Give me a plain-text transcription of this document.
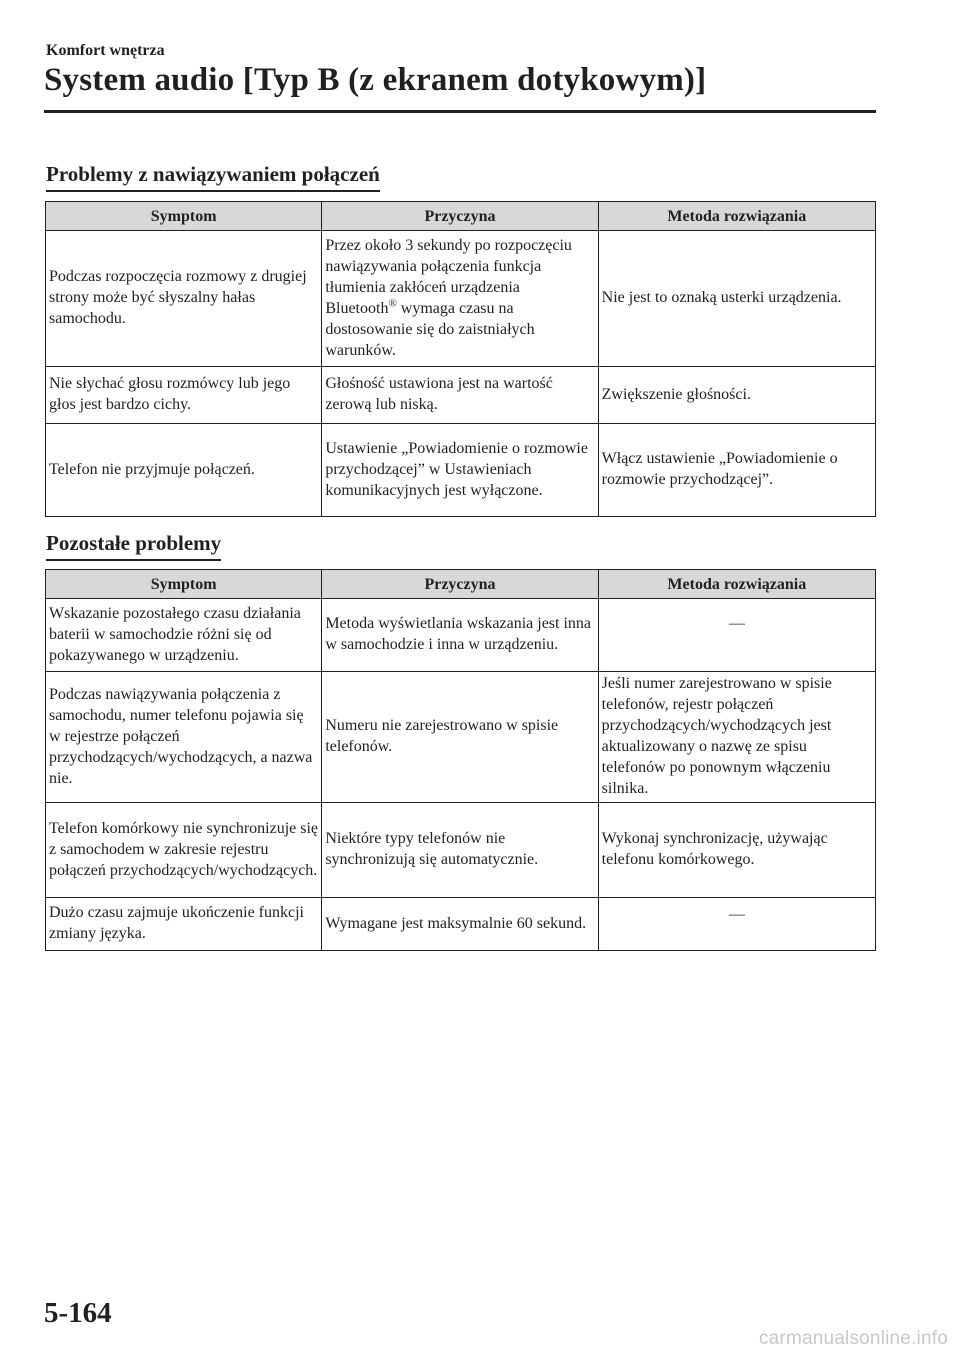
Komfort wnętrza
System audio [Typ B (z ekranem dotykowym)]
Problemy z nawiązywaniem połączeń
Symptom	Przyczyna	Metoda rozwiązania
Podczas rozpoczęcia rozmowy z drugiej strony może być słyszalny hałas samochodu.	Przez około 3 sekundy po rozpoczęciu nawiązywania połączenia funkcja tłumienia zakłóceń urządzenia Bluetooth® wymaga czasu na dostosowanie się do zaistniałych warunków.	Nie jest to oznaką usterki urządzenia.
Nie słychać głosu rozmówcy lub jego głos jest bardzo cichy.	Głośność ustawiona jest na wartość zerową lub niską.	Zwiększenie głośności.
Telefon nie przyjmuje połączeń.	Ustawienie „Powiadomienie o rozmowie przychodzącej” w Ustawieniach komunikacyjnych jest wyłączone.	Włącz ustawienie „Powiadomienie o rozmowie przychodzącej”.
Pozostałe problemy
Symptom	Przyczyna	Metoda rozwiązania
Wskazanie pozostałego czasu działania baterii w samochodzie różni się od pokazywanego w urządzeniu.	Metoda wyświetlania wskazania jest inna w samochodzie i inna w urządzeniu.	—
Podczas nawiązywania połączenia z samochodu, numer telefonu pojawia się w rejestrze połączeń przychodzących/wychodzących, a nazwa nie.	Numeru nie zarejestrowano w spisie telefonów.	Jeśli numer zarejestrowano w spisie telefonów, rejestr połączeń przychodzących/wychodzących jest aktualizowany o nazwę ze spisu telefonów po ponownym włączeniu silnika.
Telefon komórkowy nie synchronizuje się z samochodem w zakresie rejestru połączeń przychodzących/wychodzących.	Niektóre typy telefonów nie synchronizują się automatycznie.	Wykonaj synchronizację, używając telefonu komórkowego.
Dużo czasu zajmuje ukończenie funkcji zmiany języka.	Wymagane jest maksymalnie 60 sekund.	—
5-164
carmanualsonline.info
